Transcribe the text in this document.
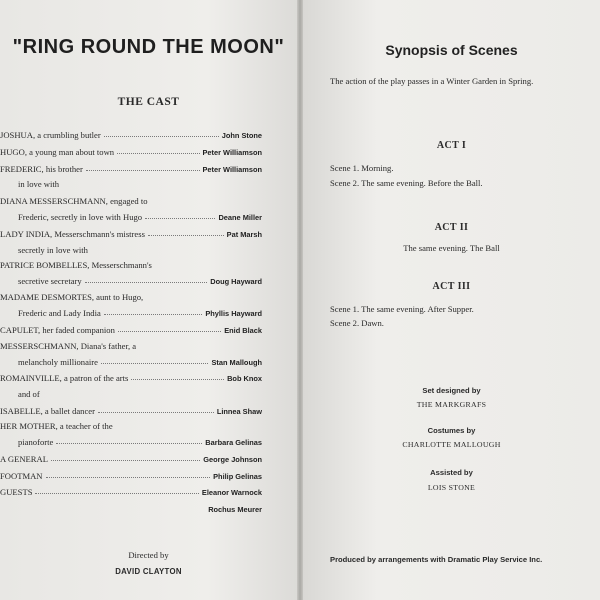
"RING ROUND THE MOON"
THE CAST
JOSHUA, a crumbling butler	John Stone
HUGO, a young man about town	Peter Williamson
FREDERIC, his brother	Peter Williamson
in love with
DIANA MESSERSCHMANN, engaged to
Frederic, secretly in love with Hugo	Deane Miller
LADY INDIA, Messerschmann's mistress	Pat Marsh
secretly in love with
PATRICE BOMBELLES, Messerschmann's
secretive secretary	Doug Hayward
MADAME DESMORTES, aunt to Hugo,
Frederic and Lady India	Phyllis Hayward
CAPULET, her faded companion	Enid Black
MESSERSCHMANN, Diana's father, a
melancholy millionaire	Stan Mallough
ROMAINVILLE, a patron of the arts	Bob Knox
and of
ISABELLE, a ballet dancer	Linnea Shaw
HER MOTHER, a teacher of the
pianoforte	Barbara Gelinas
A GENERAL	George Johnson
FOOTMAN	Philip Gelinas
GUESTS	Eleanor Warnock
Rochus Meurer
Directed by
DAVID CLAYTON
Synopsis of Scenes
The action of the play passes in a Winter Garden in Spring.
ACT I
Scene 1. Morning.
Scene 2. The same evening. Before the Ball.
ACT II
The same evening. The Ball
ACT III
Scene 1. The same evening. After Supper.
Scene 2. Dawn.
Set designed by
THE MARKGRAFS
Costumes by
CHARLOTTE MALLOUGH
Assisted by
LOIS STONE
Produced by arrangements with Dramatic Play Service Inc.
